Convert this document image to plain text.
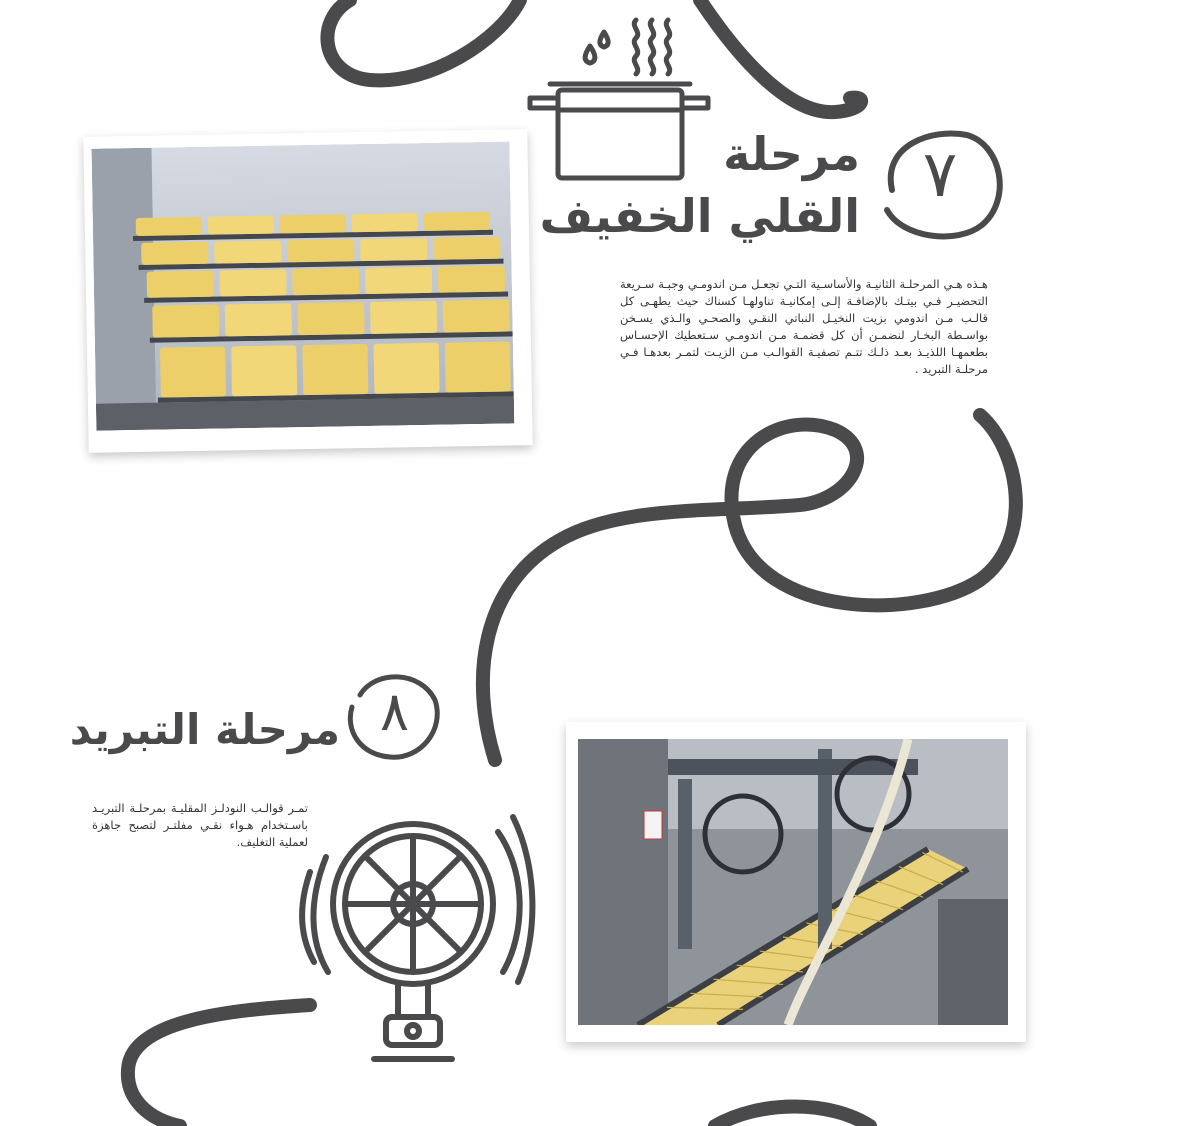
٧
مرحلة
القلي الخفيف
هـذه هـي المرحلـة الثانيـة والأساسـية التـي تجعـل مـن اندومـي وجبـة سـريعة التحضيـر فـي بيتـك بالإضافـة إلـى إمكانيـة تناولهـا كسناك حيث يطهـى كل قالـب مـن اندومي بزيت النخيـل النباتي النقـي والصحـي والـذي يسـخن بواسـطة البخـار لنضمـن أن كل قضمـة مـن اندومـي سـتعطيك الإحسـاس بطعمهـا اللذيـذ بعـد ذلـك تتـم تصفيـة القوالـب مـن الزيـت لتمـر بعدهـا فـي مرحلـة التبريد .
٨
مرحلة التبريد
تمـر قوالـب النودلـز المقليـة بمرحلـة التبريـد باسـتخدام هـواء نقـي مفلتـر لتصبح جاهزة لعملية التغليف.
